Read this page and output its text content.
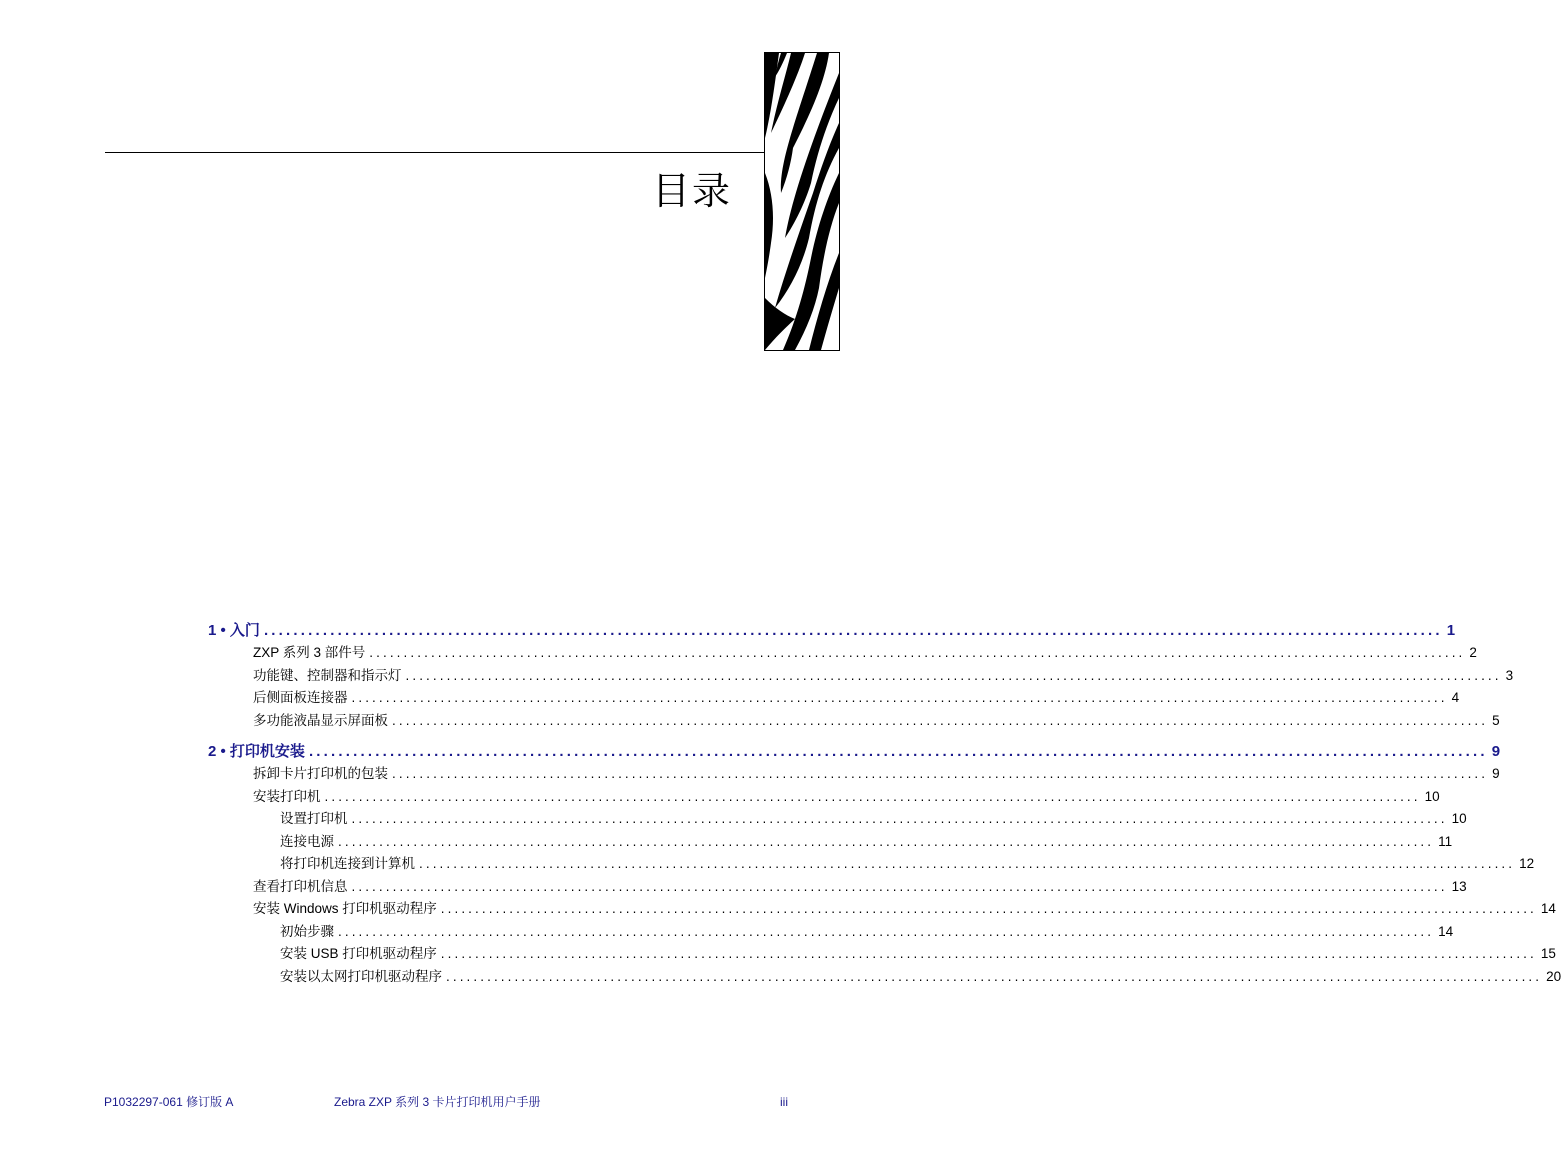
目录
1 • 入门 ................................................................................................................................................................ 1
ZXP 系列 3 部件号 ................................................................................................................................................................ 2
功能键、控制器和指示灯 ................................................................................................................................................................ 3
后侧面板连接器 ................................................................................................................................................................ 4
多功能液晶显示屏面板 ................................................................................................................................................................ 5
2 • 打印机安装 ................................................................................................................................................................ 9
拆卸卡片打印机的包装 ................................................................................................................................................................ 9
安装打印机 ................................................................................................................................................................ 10
设置打印机 ................................................................................................................................................................ 10
连接电源 ................................................................................................................................................................ 11
将打印机连接到计算机 ................................................................................................................................................................ 12
查看打印机信息 ................................................................................................................................................................ 13
安装 Windows 打印机驱动程序 ................................................................................................................................................................ 14
初始步骤 ................................................................................................................................................................ 14
安装 USB 打印机驱动程序 ................................................................................................................................................................ 15
安装以太网打印机驱动程序 ................................................................................................................................................................ 20
P1032297-061 修订版 A	Zebra ZXP 系列 3 卡片打印机用户手册	iii
